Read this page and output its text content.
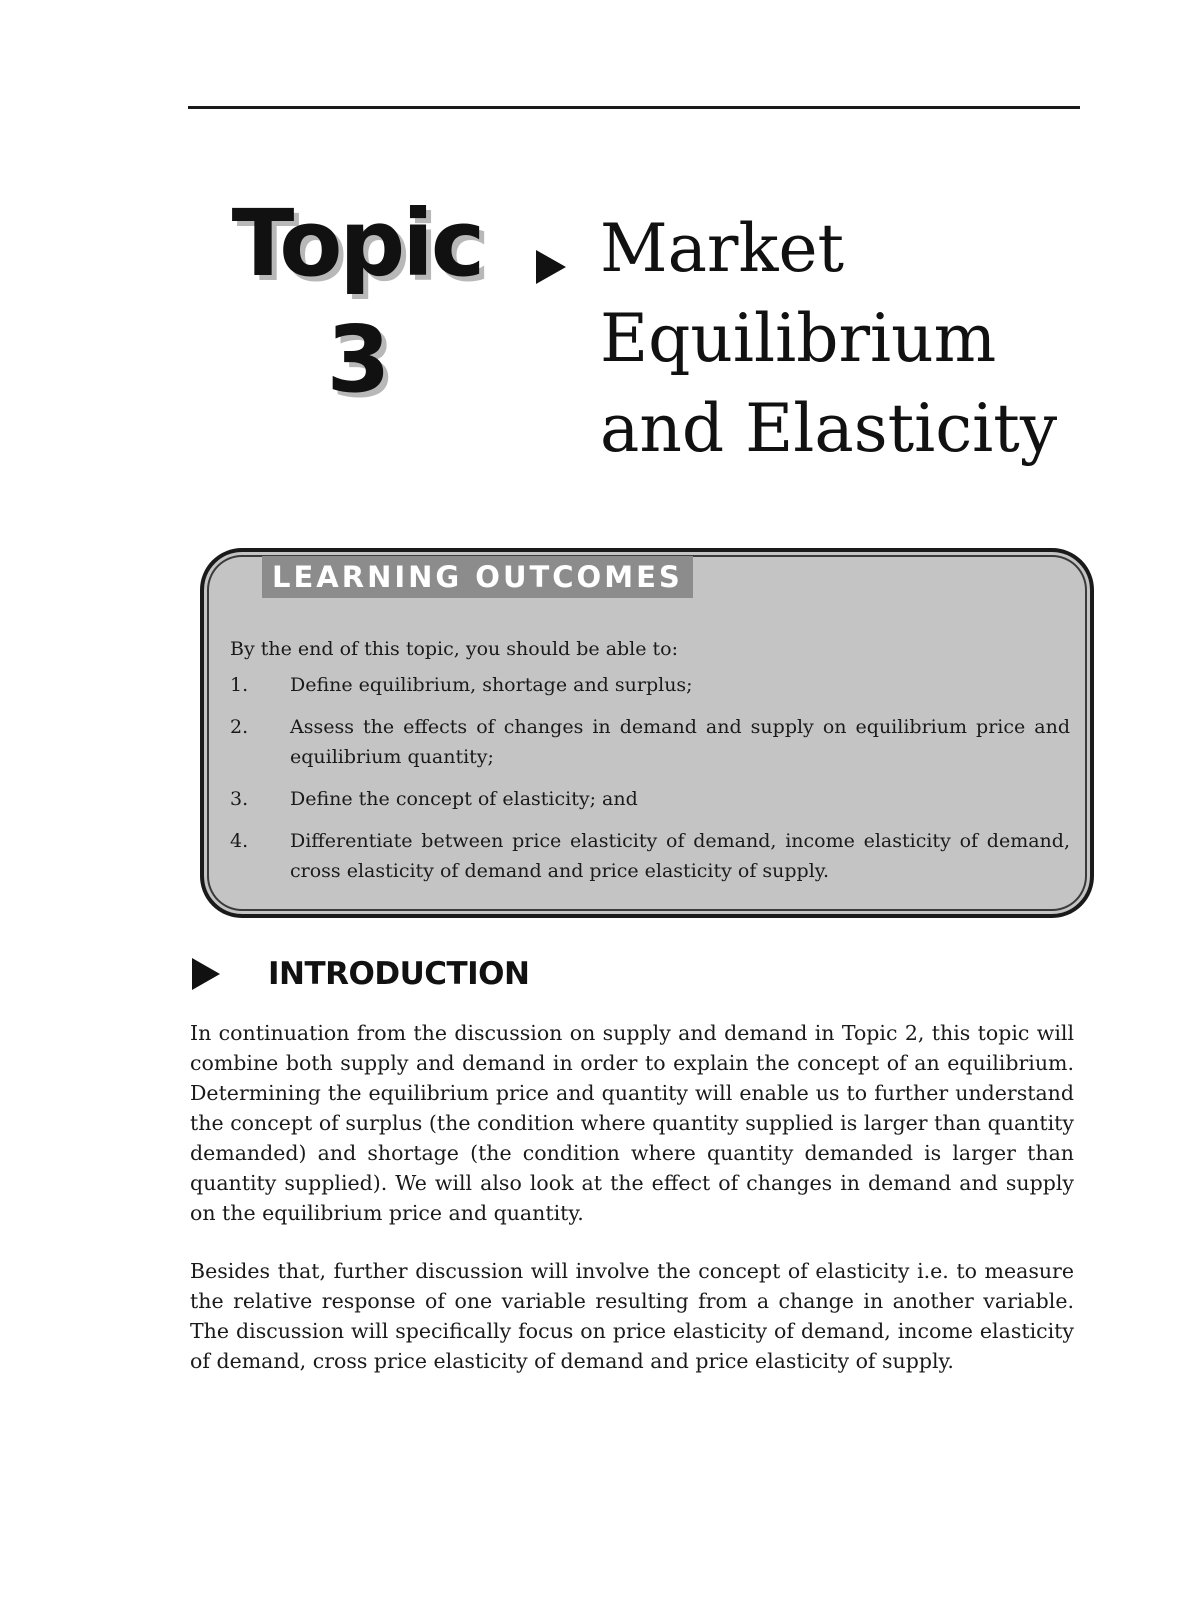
Topic
3
Market
Equilibrium
and Elasticity
LEARNING OUTCOMES
By the end of this topic, you should be able to:
1.	Define equilibrium, shortage and surplus;
2.	Assess the effects of changes in demand and supply on equilibrium price and equilibrium quantity;
3.	Define the concept of elasticity; and
4.	Differentiate between price elasticity of demand, income elasticity of demand, cross elasticity of demand and price elasticity of supply.
INTRODUCTION

In continuation from the discussion on supply and demand in Topic 2, this topic will combine both supply and demand in order to explain the concept of an equilibrium. Determining the equilibrium price and quantity will enable us to further understand the concept of surplus (the condition where quantity supplied is larger than quantity demanded) and shortage (the condition where quantity demanded is larger than quantity supplied). We will also look at the effect of changes in demand and supply on the equilibrium price and quantity.

Besides that, further discussion will involve the concept of elasticity i.e. to measure the relative response of one variable resulting from a change in another variable. The discussion will specifically focus on price elasticity of demand, income elasticity of demand, cross price elasticity of demand and price elasticity of supply.
